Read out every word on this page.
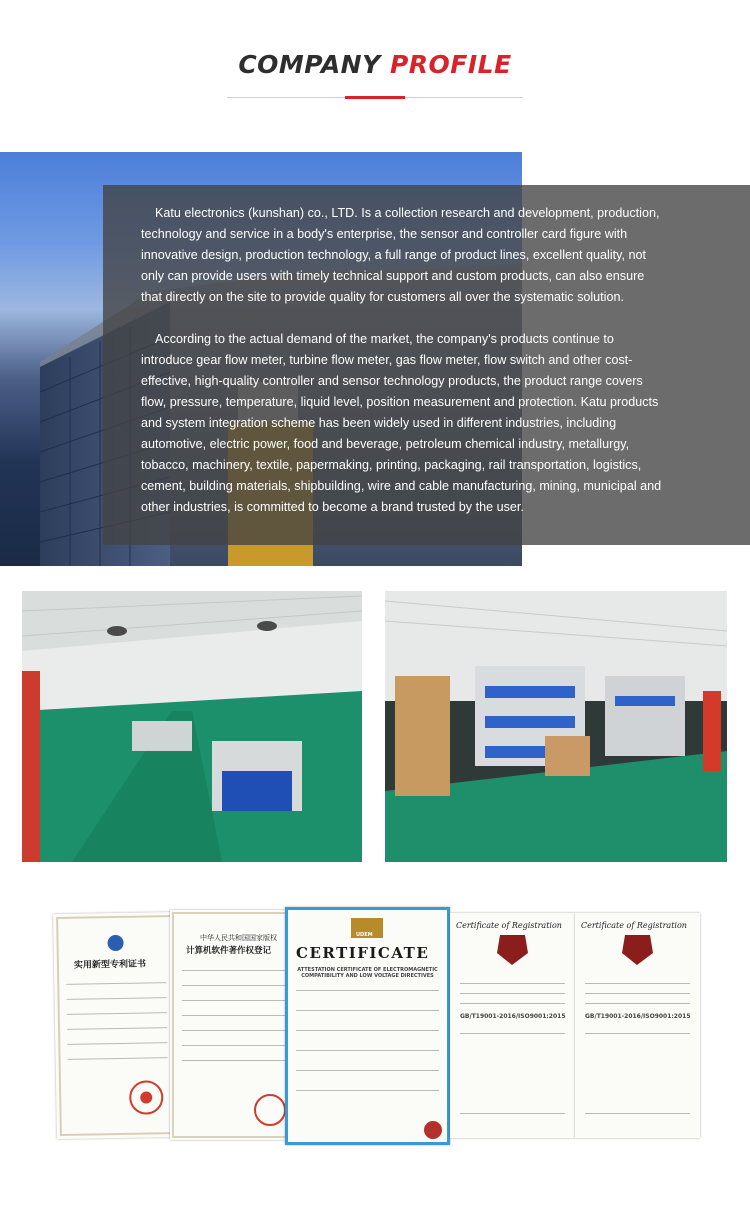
COMPANY PROFILE

Katu electronics (kunshan) co., LTD. Is a collection research and development, production, technology and service in a body's enterprise, the sensor and controller card figure with innovative design, production technology, a full range of product lines, excellent quality, not only can provide users with timely technical support and custom products, can also ensure that directly on the site to provide quality for customers all over the systematic solution.

According to the actual demand of the market, the company's products continue to introduce gear flow meter, turbine flow meter, gas flow meter, flow switch and other cost-effective, high-quality controller and sensor technology products, the product range covers flow, pressure, temperature, liquid level, position measurement and protection. Katu products and system integration scheme has been widely used in different industries, including automotive, electric power, food and beverage, petroleum chemical industry, metallurgy, tobacco, machinery, textile, papermaking, printing, packaging, rail transportation, logistics, cement, building materials, shipbuilding, wire and cable manufacturing, mining, municipal and other industries, is committed to become a brand trusted by the user.

实用新型专利证书
中华人民共和国国家版权
计算机软件著作权登记
UDEM
CERTIFICATE
ATTESTATION CERTIFICATE OF ELECTROMAGNETIC COMPATIBILITY AND LOW VOLTAGE DIRECTIVES
Certificate of Registration
GB/T19001-2016/ISO9001:2015
Certificate of Registration
GB/T19001-2016/ISO9001:2015
